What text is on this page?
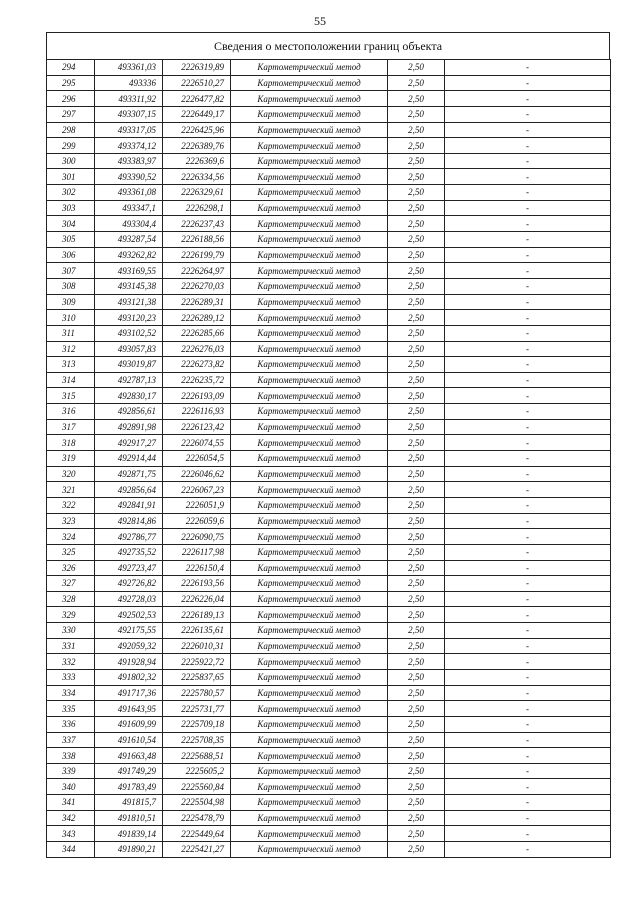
55
Сведения о местоположении границ объекта
294	493361,03	2226319,89	Картометрический метод	2,50	-
295	493336	2226510,27	Картометрический метод	2,50	-
296	493311,92	2226477,82	Картометрический метод	2,50	-
297	493307,15	2226449,17	Картометрический метод	2,50	-
298	493317,05	2226425,96	Картометрический метод	2,50	-
299	493374,12	2226389,76	Картометрический метод	2,50	-
300	493383,97	2226369,6	Картометрический метод	2,50	-
301	493390,52	2226334,56	Картометрический метод	2,50	-
302	493361,08	2226329,61	Картометрический метод	2,50	-
303	493347,1	2226298,1	Картометрический метод	2,50	-
304	493304,4	2226237,43	Картометрический метод	2,50	-
305	493287,54	2226188,56	Картометрический метод	2,50	-
306	493262,82	2226199,79	Картометрический метод	2,50	-
307	493169,55	2226264,97	Картометрический метод	2,50	-
308	493145,38	2226270,03	Картометрический метод	2,50	-
309	493121,38	2226289,31	Картометрический метод	2,50	-
310	493120,23	2226289,12	Картометрический метод	2,50	-
311	493102,52	2226285,66	Картометрический метод	2,50	-
312	493057,83	2226276,03	Картометрический метод	2,50	-
313	493019,87	2226273,82	Картометрический метод	2,50	-
314	492787,13	2226235,72	Картометрический метод	2,50	-
315	492830,17	2226193,09	Картометрический метод	2,50	-
316	492856,61	2226116,93	Картометрический метод	2,50	-
317	492891,98	2226123,42	Картометрический метод	2,50	-
318	492917,27	2226074,55	Картометрический метод	2,50	-
319	492914,44	2226054,5	Картометрический метод	2,50	-
320	492871,75	2226046,62	Картометрический метод	2,50	-
321	492856,64	2226067,23	Картометрический метод	2,50	-
322	492841,91	2226051,9	Картометрический метод	2,50	-
323	492814,86	2226059,6	Картометрический метод	2,50	-
324	492786,77	2226090,75	Картометрический метод	2,50	-
325	492735,52	2226117,98	Картометрический метод	2,50	-
326	492723,47	2226150,4	Картометрический метод	2,50	-
327	492726,82	2226193,56	Картометрический метод	2,50	-
328	492728,03	2226226,04	Картометрический метод	2,50	-
329	492502,53	2226189,13	Картометрический метод	2,50	-
330	492175,55	2226135,61	Картометрический метод	2,50	-
331	492059,32	2226010,31	Картометрический метод	2,50	-
332	491928,94	2225922,72	Картометрический метод	2,50	-
333	491802,32	2225837,65	Картометрический метод	2,50	-
334	491717,36	2225780,57	Картометрический метод	2,50	-
335	491643,95	2225731,77	Картометрический метод	2,50	-
336	491609,99	2225709,18	Картометрический метод	2,50	-
337	491610,54	2225708,35	Картометрический метод	2,50	-
338	491663,48	2225688,51	Картометрический метод	2,50	-
339	491749,29	2225605,2	Картометрический метод	2,50	-
340	491783,49	2225560,84	Картометрический метод	2,50	-
341	491815,7	2225504,98	Картометрический метод	2,50	-
342	491810,51	2225478,79	Картометрический метод	2,50	-
343	491839,14	2225449,64	Картометрический метод	2,50	-
344	491890,21	2225421,27	Картометрический метод	2,50	-
